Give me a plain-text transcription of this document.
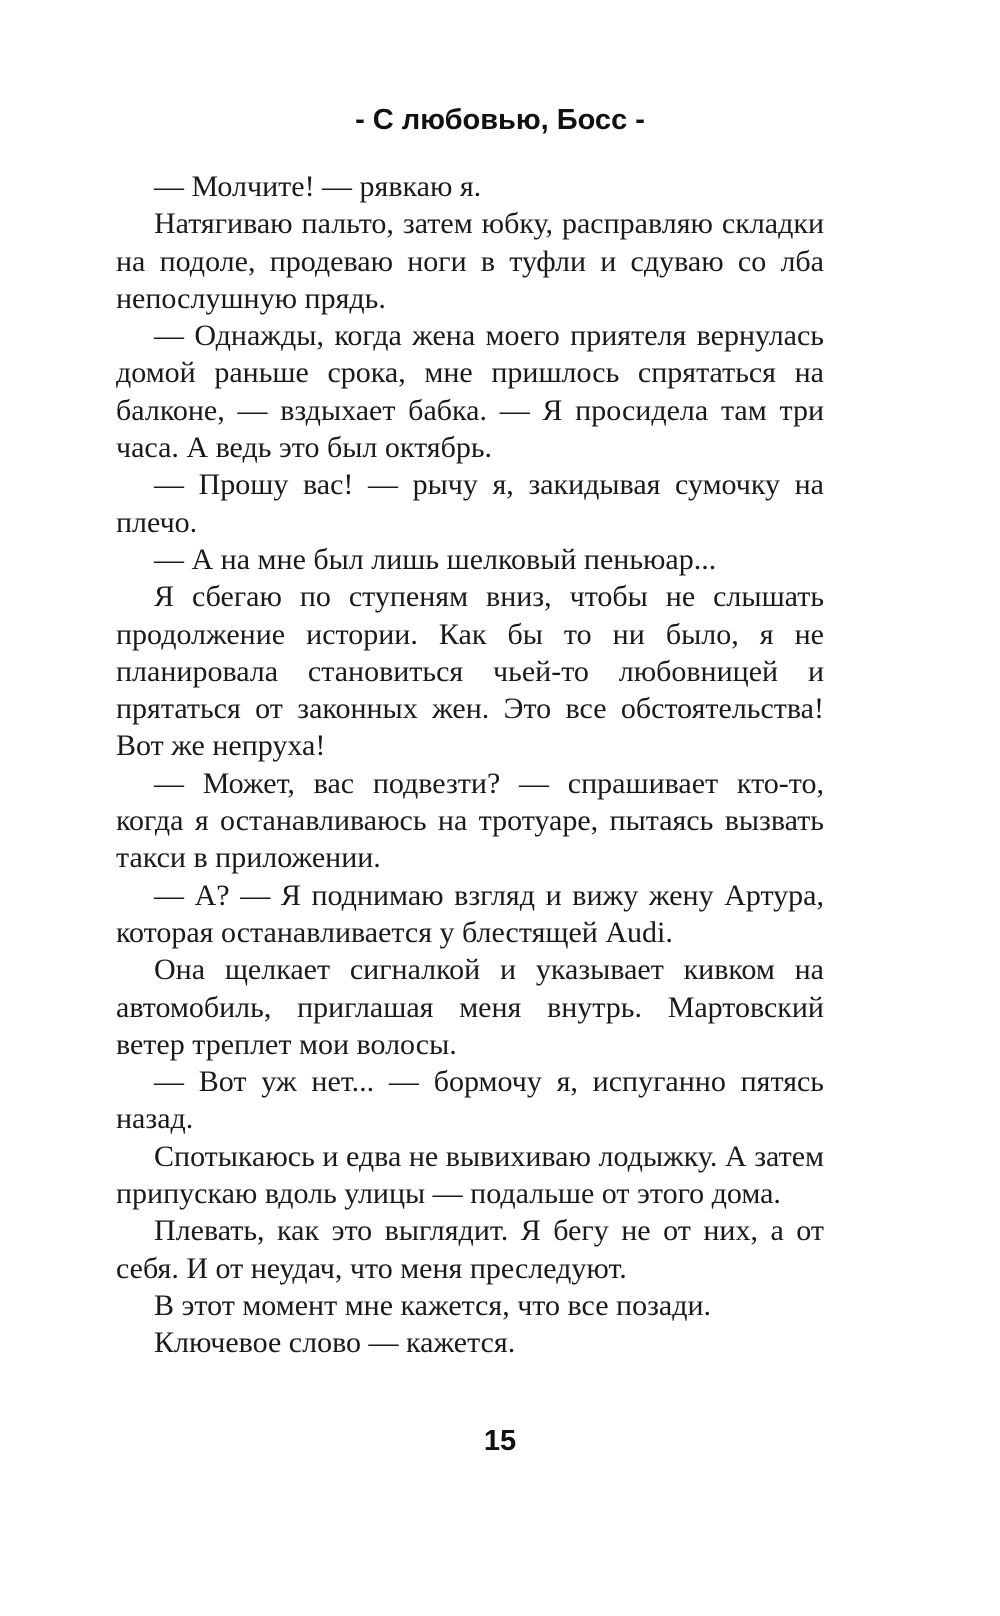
- С любовью, Босс -

— Молчите! — рявкаю я.

Натягиваю пальто, затем юбку, расправляю складки на подоле, продеваю ноги в туфли и сдуваю со лба непослушную прядь.

— Однажды, когда жена моего приятеля вернулась домой раньше срока, мне пришлось спрятаться на балконе, — вздыхает бабка. — Я просидела там три часа. А ведь это был октябрь.

— Прошу вас! — рычу я, закидывая сумочку на плечо.

— А на мне был лишь шелковый пеньюар...

Я сбегаю по ступеням вниз, чтобы не слышать продолжение истории. Как бы то ни было, я не планировала становиться чьей-то любовницей и прятаться от законных жен. Это все обстоятельства! Вот же непруха!

— Может, вас подвезти? — спрашивает кто-то, когда я останавливаюсь на тротуаре, пытаясь вызвать такси в приложении.

— А? — Я поднимаю взгляд и вижу жену Артура, которая останавливается у блестящей Audi.

Она щелкает сигналкой и указывает кивком на автомобиль, приглашая меня внутрь. Мартовский ветер треплет мои волосы.

— Вот уж нет... — бормочу я, испуганно пятясь назад.

Спотыкаюсь и едва не вывихиваю лодыжку. А затем припускаю вдоль улицы — подальше от этого дома.

Плевать, как это выглядит. Я бегу не от них, а от себя. И от неудач, что меня преследуют.

В этот момент мне кажется, что все позади.

Ключевое слово — кажется.

15
